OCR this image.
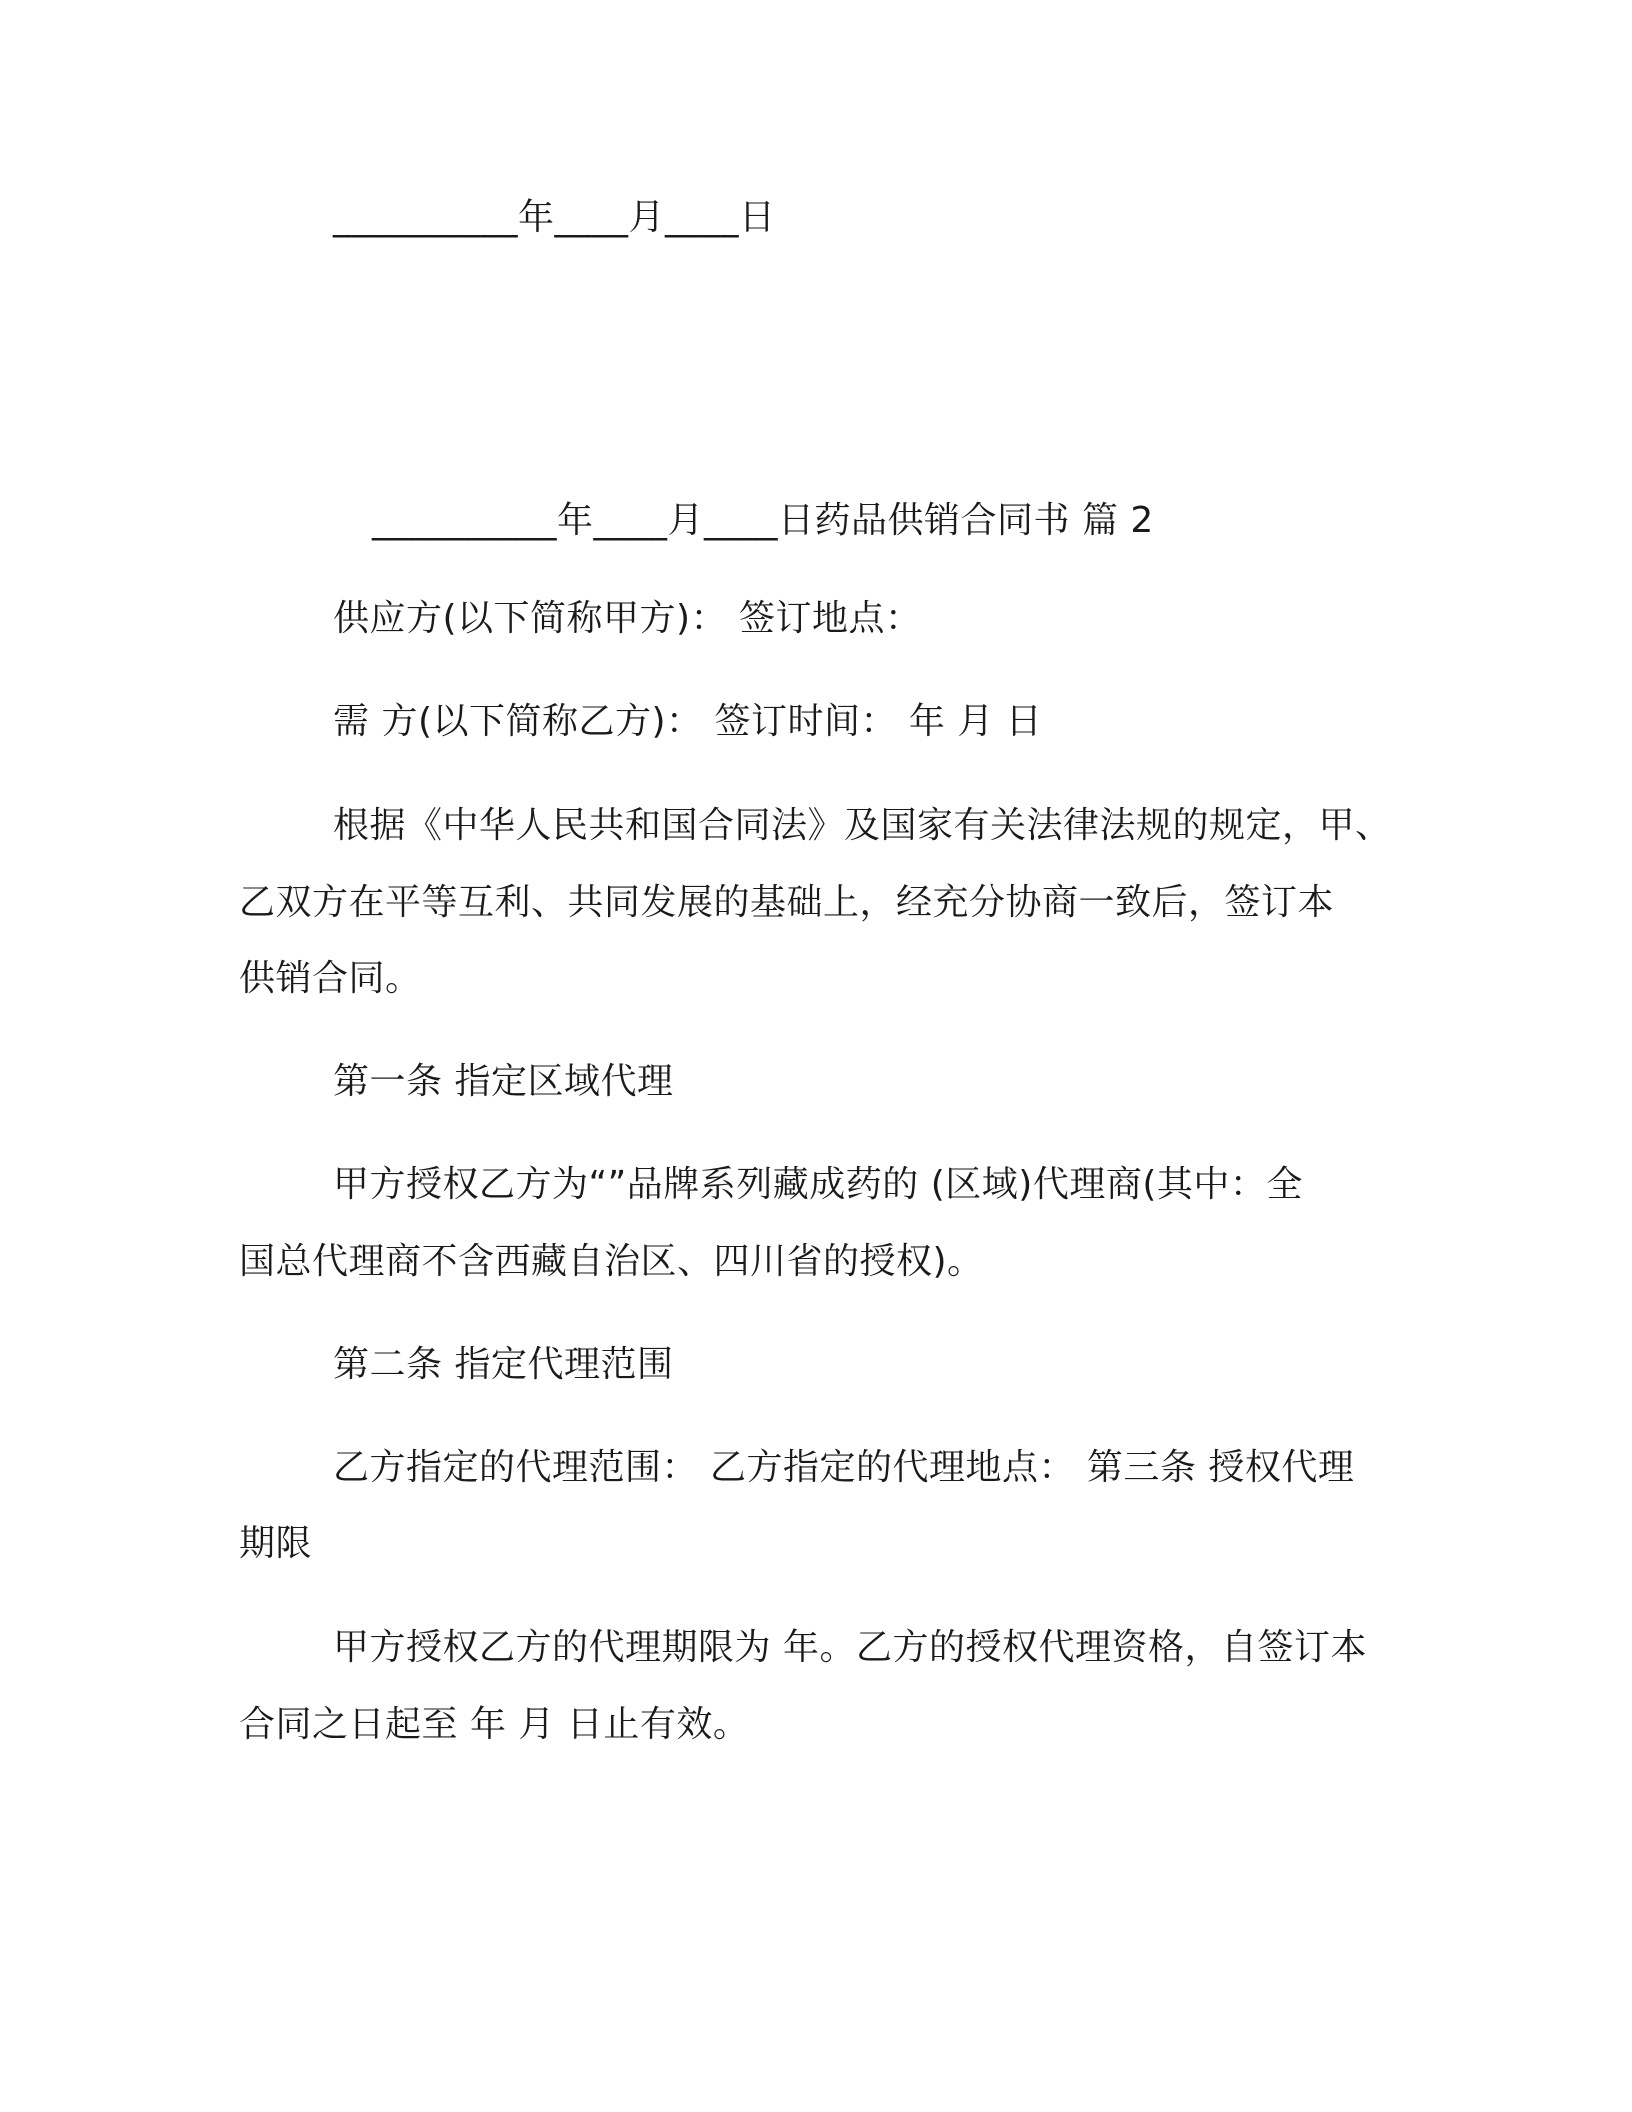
__________年____月____日
__________年____月____日药品供销合同书 篇 2
供应方(以下简称甲方)： 签订地点：
需 方(以下简称乙方)： 签订时间： 年 月 日
根据《中华人民共和国合同法》及国家有关法律法规的规定，甲、
乙双方在平等互利、共同发展的基础上，经充分协商一致后，签订本
供销合同。
第一条 指定区域代理
甲方授权乙方为“”品牌系列藏成药的 (区域)代理商(其中：全
国总代理商不含西藏自治区、四川省的授权)。
第二条 指定代理范围
乙方指定的代理范围： 乙方指定的代理地点： 第三条 授权代理
期限
甲方授权乙方的代理期限为 年。乙方的授权代理资格，自签订本
合同之日起至 年 月 日止有效。
